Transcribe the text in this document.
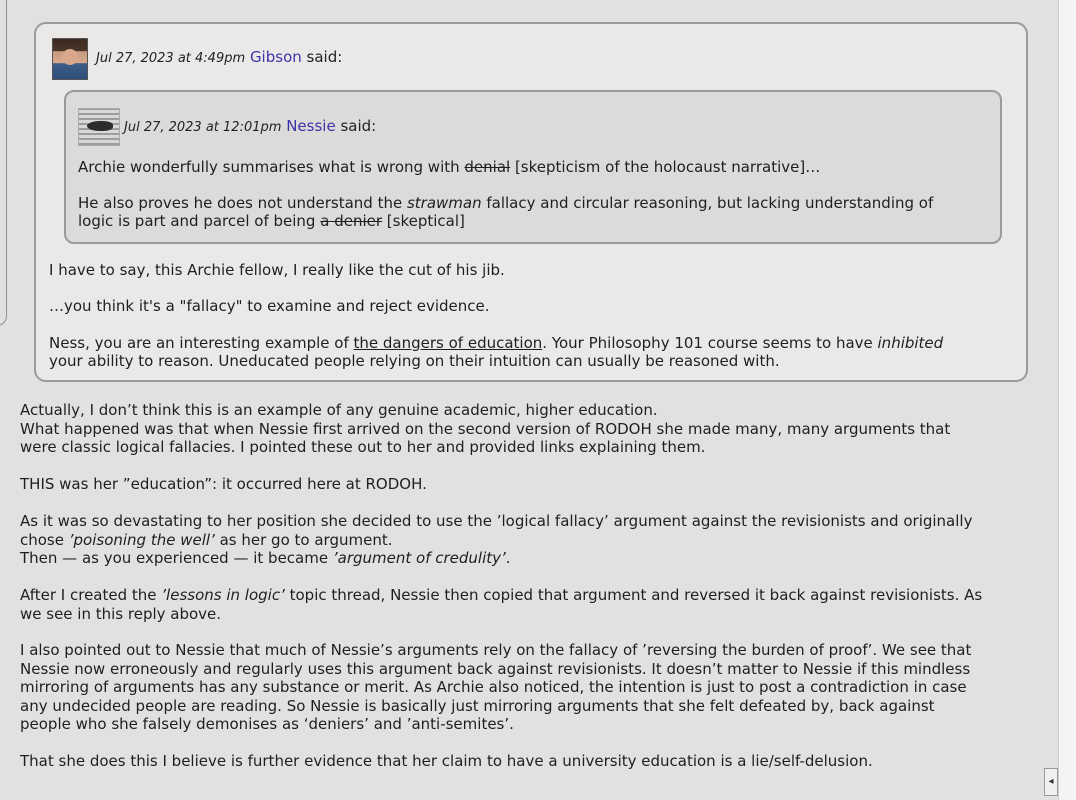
Jul 27, 2023 at 4:49pm Gibson said:
Jul 27, 2023 at 12:01pm Nessie said:
Archie wonderfully summarises what is wrong with denial [skepticism of the holocaust narrative]…
He also proves he does not understand the strawman fallacy and circular reasoning, but lacking understanding of
logic is part and parcel of being a denier [skeptical]
I have to say, this Archie fellow, I really like the cut of his jib.
…you think it's a "fallacy" to examine and reject evidence.
Ness, you are an interesting example of the dangers of education. Your Philosophy 101 course seems to have inhibited
your ability to reason. Uneducated people relying on their intuition can usually be reasoned with.
Actually, I don’t think this is an example of any genuine academic, higher education.
What happened was that when Nessie first arrived on the second version of RODOH she made many, many arguments that
were classic logical fallacies. I pointed these out to her and provided links explaining them.
THIS was her ”education”: it occurred here at RODOH.
As it was so devastating to her position she decided to use the ’logical fallacy’ argument against the revisionists and originally
chose ’poisoning the well’ as her go to argument.
Then — as you experienced — it became ’argument of credulity’.
After I created the ’lessons in logic’ topic thread, Nessie then copied that argument and reversed it back against revisionists. As
we see in this reply above.
I also pointed out to Nessie that much of Nessie’s arguments rely on the fallacy of ’reversing the burden of proof’. We see that
Nessie now erroneously and regularly uses this argument back against revisionists. It doesn’t matter to Nessie if this mindless
mirroring of arguments has any substance or merit. As Archie also noticed, the intention is just to post a contradiction in case
any undecided people are reading. So Nessie is basically just mirroring arguments that she felt defeated by, back against
people who she falsely demonises as ‘deniers’ and ’anti-semites’.
That she does this I believe is further evidence that her claim to have a university education is a lie/self-delusion.
◂
